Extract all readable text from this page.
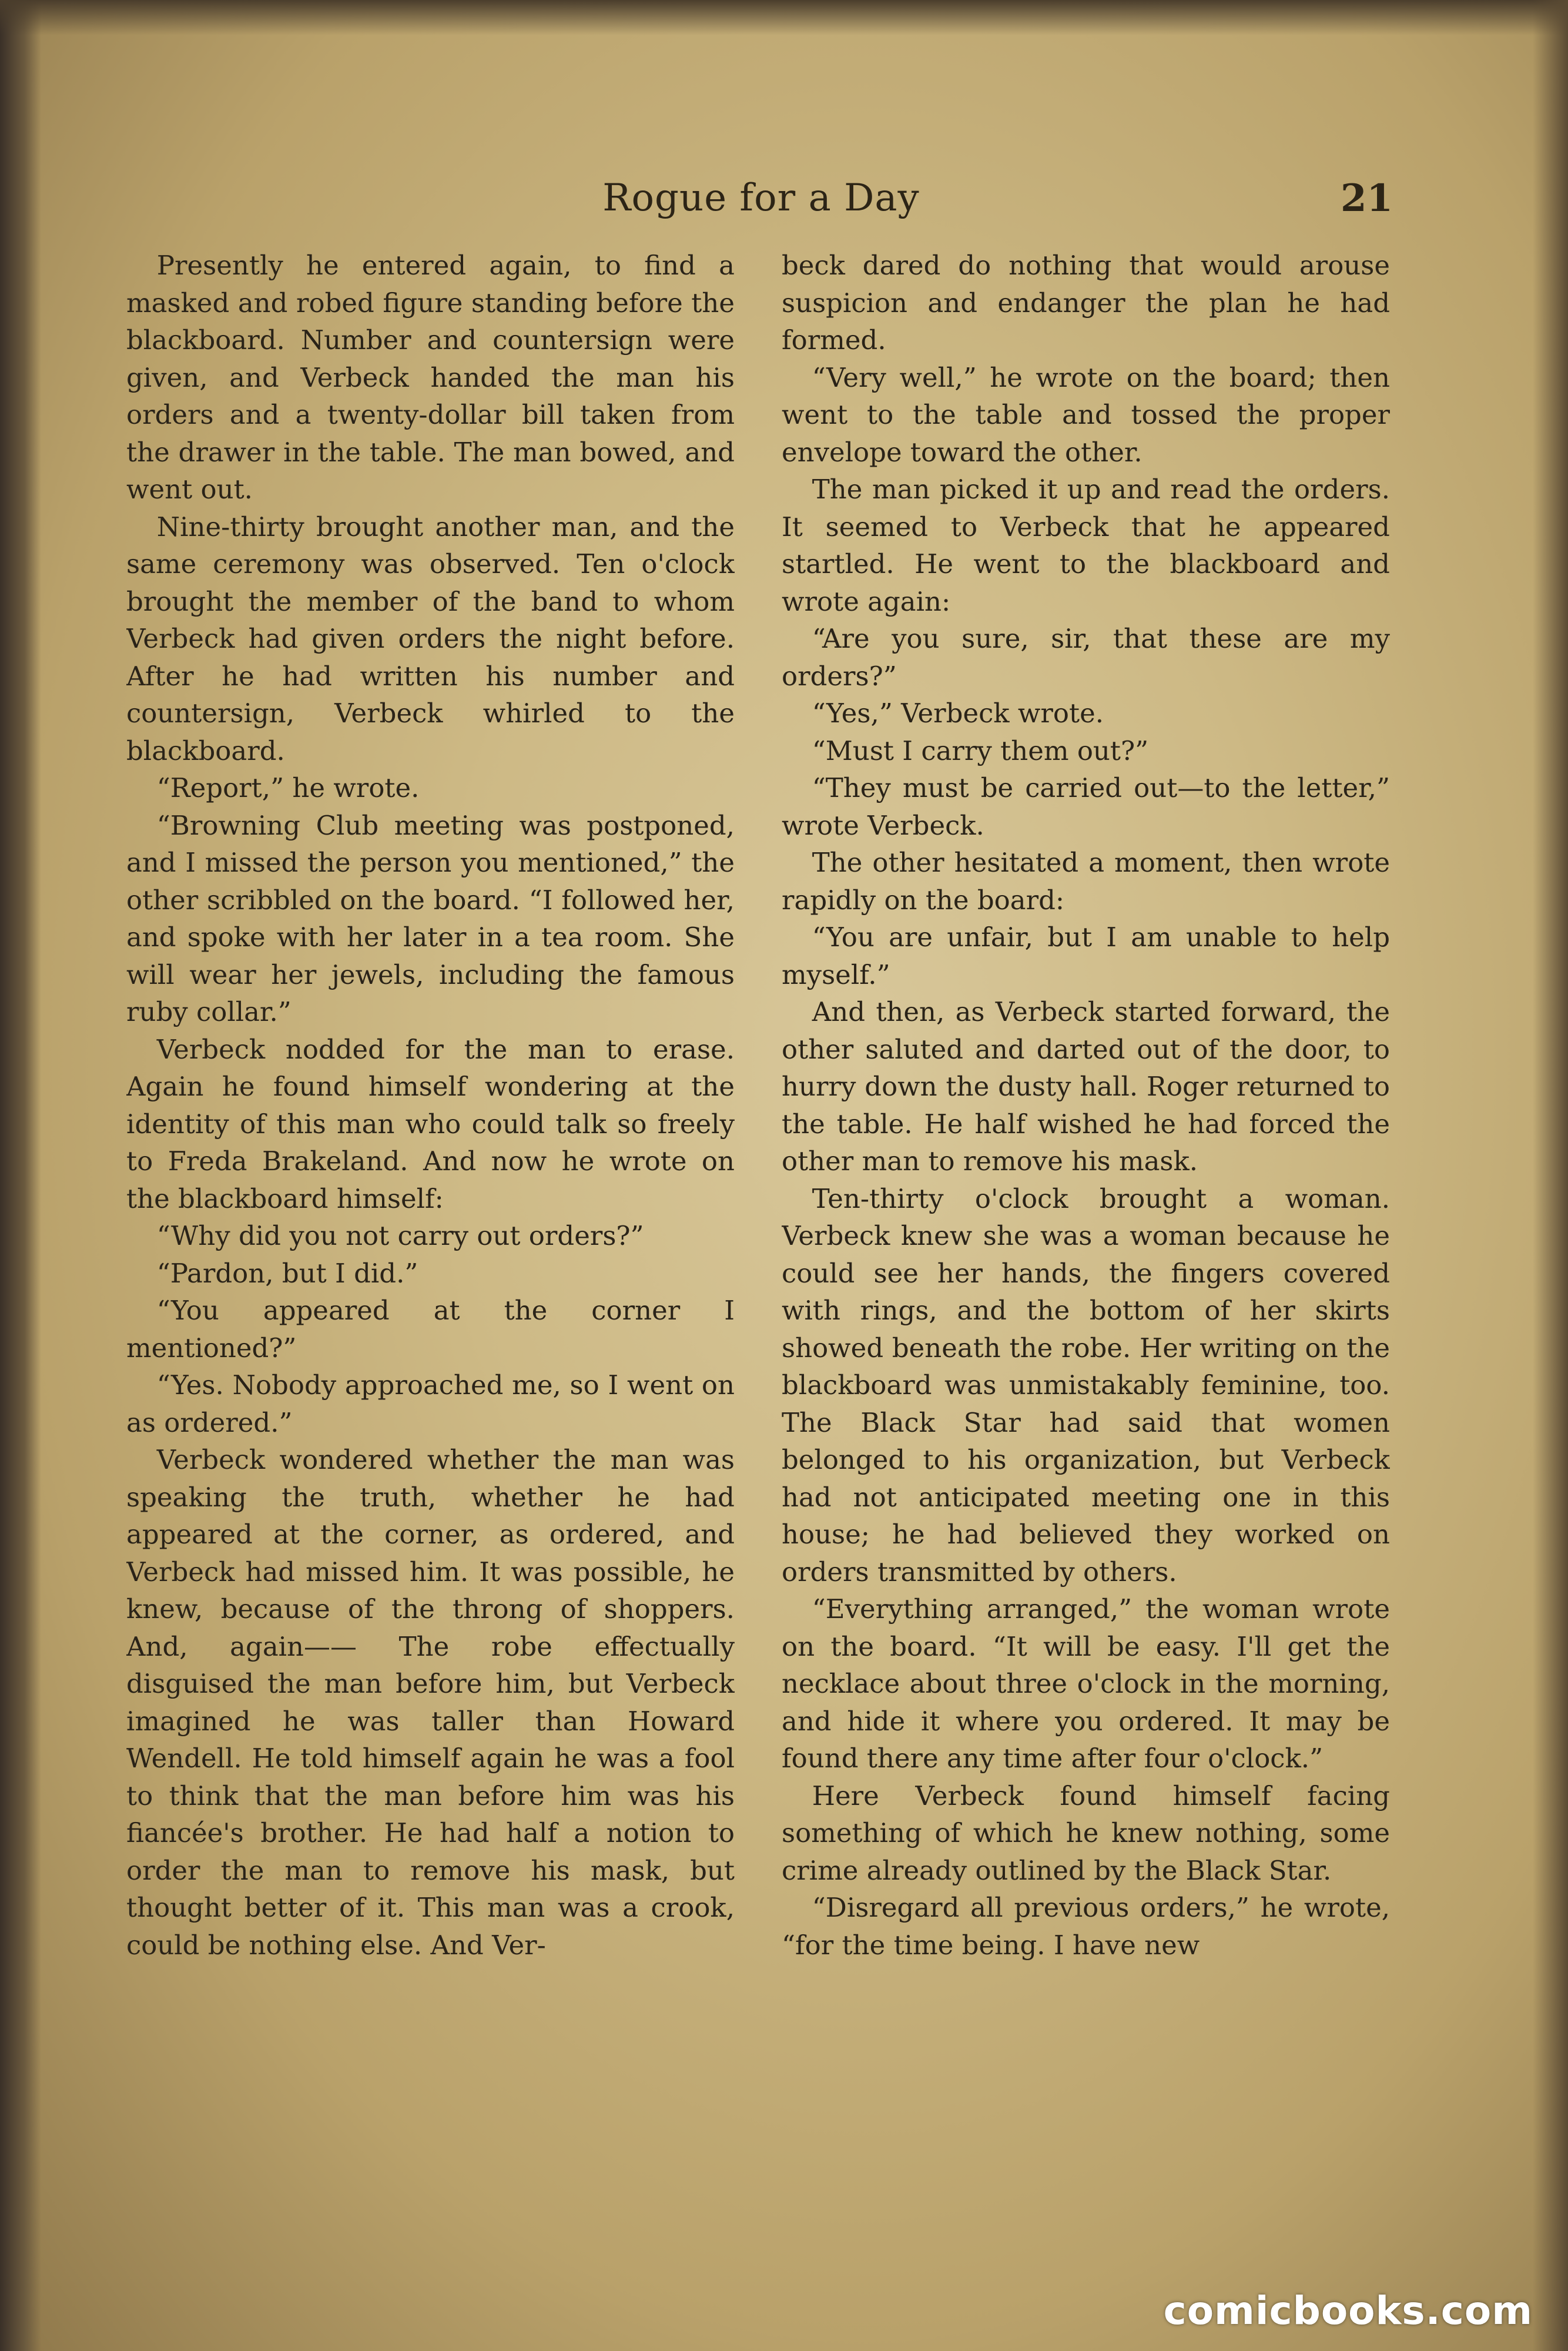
Rogue for a Day	21

Presently he entered again, to find a masked and robed figure standing before the blackboard. Number and countersign were given, and Verbeck handed the man his orders and a twenty-dollar bill taken from the drawer in the table. The man bowed, and went out.

Nine-thirty brought another man, and the same ceremony was observed. Ten o'clock brought the member of the band to whom Verbeck had given orders the night before. After he had written his number and countersign, Verbeck whirled to the blackboard.

“Report,” he wrote.

“Browning Club meeting was postponed, and I missed the person you mentioned,” the other scribbled on the board. “I followed her, and spoke with her later in a tea room. She will wear her jewels, including the famous ruby collar.”

Verbeck nodded for the man to erase. Again he found himself wondering at the identity of this man who could talk so freely to Freda Brakeland. And now he wrote on the blackboard himself:

“Why did you not carry out orders?”

“Pardon, but I did.”

“You appeared at the corner I mentioned?”

“Yes. Nobody approached me, so I went on as ordered.”

Verbeck wondered whether the man was speaking the truth, whether he had appeared at the corner, as ordered, and Verbeck had missed him. It was possible, he knew, because of the throng of shoppers. And, again—— The robe effectually disguised the man before him, but Verbeck imagined he was taller than Howard Wendell. He told himself again he was a fool to think that the man before him was his fiancée's brother. He had half a notion to order the man to remove his mask, but thought better of it. This man was a crook, could be nothing else. And Ver-

beck dared do nothing that would arouse suspicion and endanger the plan he had formed.

“Very well,” he wrote on the board; then went to the table and tossed the proper envelope toward the other.

The man picked it up and read the orders. It seemed to Verbeck that he appeared startled. He went to the blackboard and wrote again:

“Are you sure, sir, that these are my orders?”

“Yes,” Verbeck wrote.

“Must I carry them out?”

“They must be carried out—to the letter,” wrote Verbeck.

The other hesitated a moment, then wrote rapidly on the board:

“You are unfair, but I am unable to help myself.”

And then, as Verbeck started forward, the other saluted and darted out of the door, to hurry down the dusty hall. Roger returned to the table. He half wished he had forced the other man to remove his mask.

Ten-thirty o'clock brought a woman. Verbeck knew she was a woman because he could see her hands, the fingers covered with rings, and the bottom of her skirts showed beneath the robe. Her writing on the blackboard was unmistakably feminine, too. The Black Star had said that women belonged to his organization, but Verbeck had not anticipated meeting one in this house; he had believed they worked on orders transmitted by others.

“Everything arranged,” the woman wrote on the board. “It will be easy. I'll get the necklace about three o'clock in the morning, and hide it where you ordered. It may be found there any time after four o'clock.”

Here Verbeck found himself facing something of which he knew nothing, some crime already outlined by the Black Star.

“Disregard all previous orders,” he wrote, “for the time being. I have new

comicbooks.com
